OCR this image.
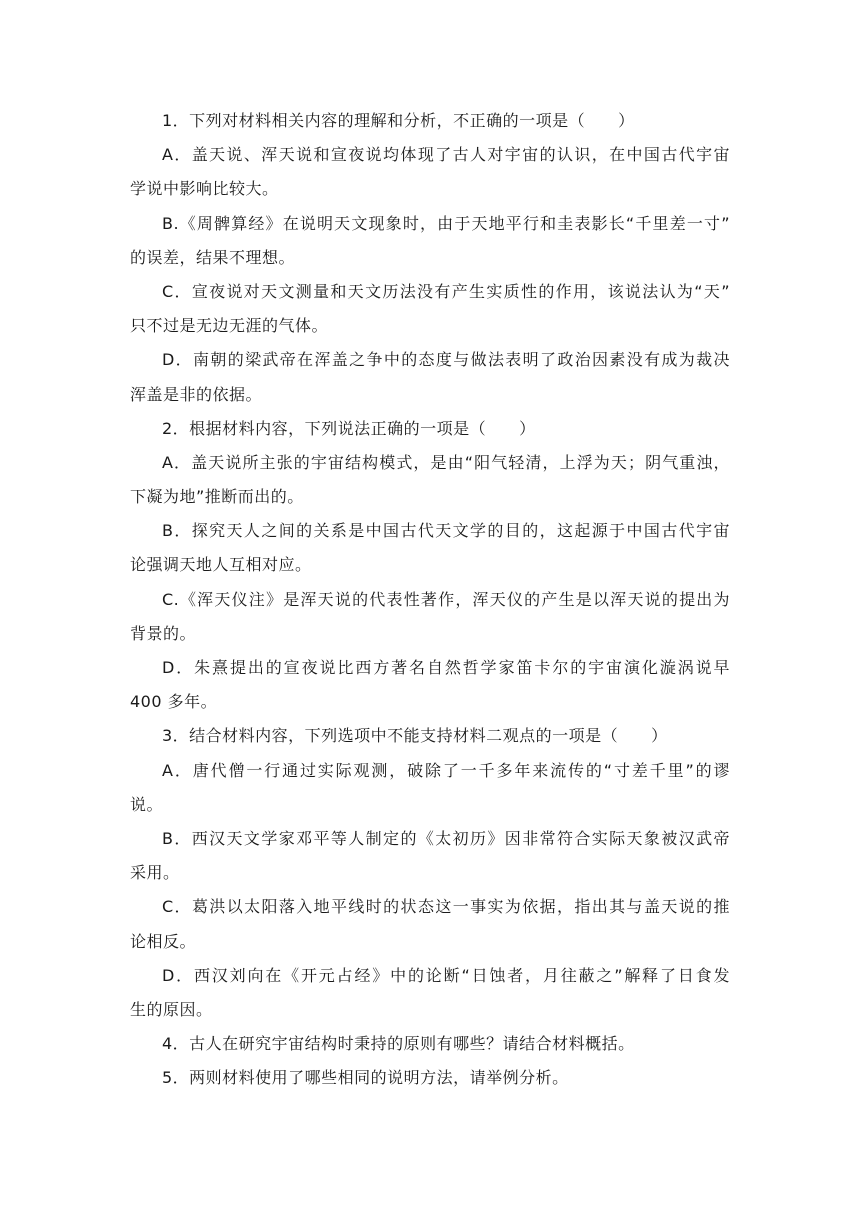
1．下列对材料相关内容的理解和分析，不正确的一项是（　　）
A．盖天说、浑天说和宣夜说均体现了古人对宇宙的认识，在中国古代宇宙
学说中影响比较大。
B.《周髀算经》在说明天文现象时，由于天地平行和圭表影长“千里差一寸”
的误差，结果不理想。
C．宣夜说对天文测量和天文历法没有产生实质性的作用，该说法认为“天”
只不过是无边无涯的气体。
D．南朝的梁武帝在浑盖之争中的态度与做法表明了政治因素没有成为裁决
浑盖是非的依据。
2．根据材料内容，下列说法正确的一项是（　　）
A．盖天说所主张的宇宙结构模式，是由“阳气轻清，上浮为天；阴气重浊，
下凝为地”推断而出的。
B．探究天人之间的关系是中国古代天文学的目的，这起源于中国古代宇宙
论强调天地人互相对应。
C.《浑天仪注》是浑天说的代表性著作，浑天仪的产生是以浑天说的提出为
背景的。
D．朱熹提出的宣夜说比西方著名自然哲学家笛卡尔的宇宙演化漩涡说早
400 多年。
3．结合材料内容，下列选项中不能支持材料二观点的一项是（　　）
A．唐代僧一行通过实际观测，破除了一千多年来流传的“寸差千里”的谬
说。
B．西汉天文学家邓平等人制定的《太初历》因非常符合实际天象被汉武帝
采用。
C．葛洪以太阳落入地平线时的状态这一事实为依据，指出其与盖天说的推
论相反。
D．西汉刘向在《开元占经》中的论断“日蚀者，月往蔽之”解释了日食发
生的原因。
4．古人在研究宇宙结构时秉持的原则有哪些？请结合材料概括。
5．两则材料使用了哪些相同的说明方法，请举例分析。
